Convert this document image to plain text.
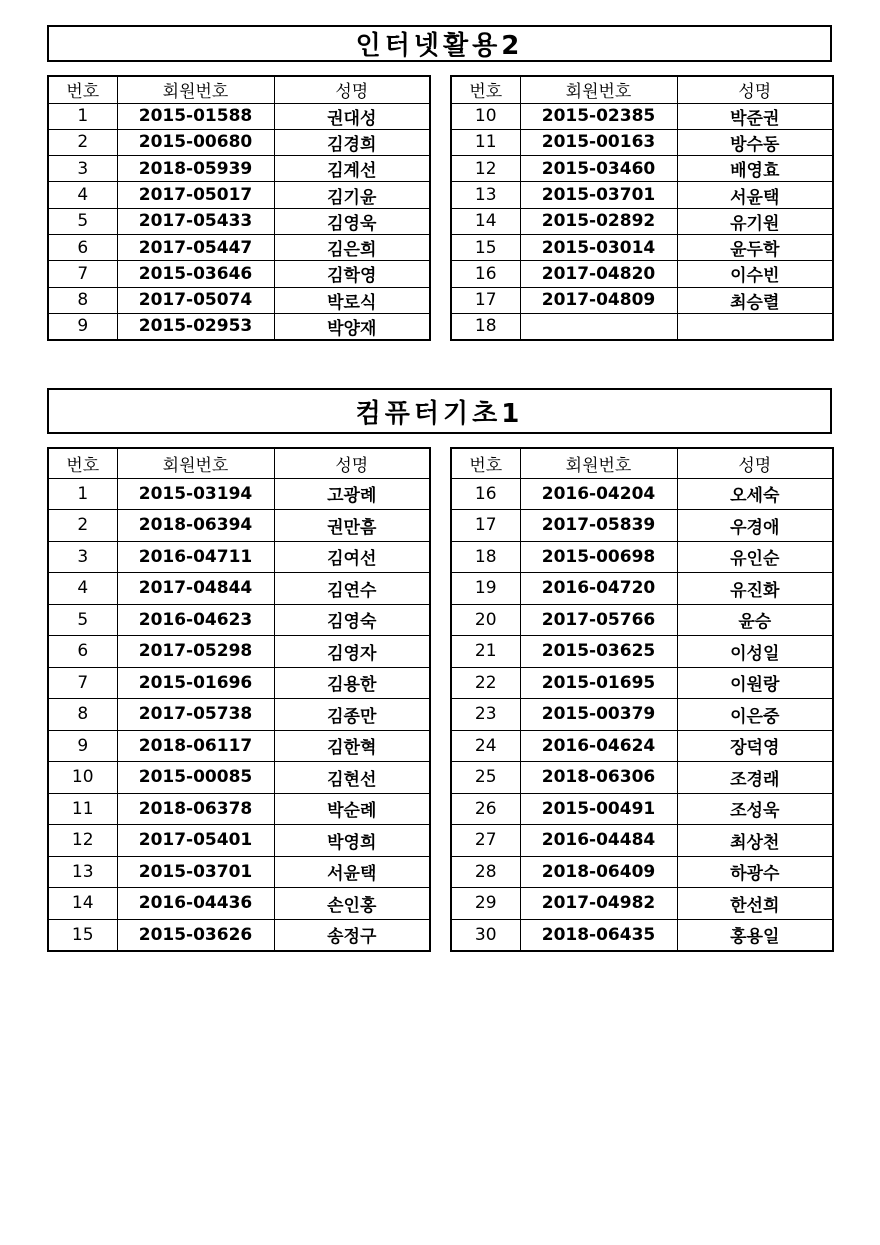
인터넷활용2
번호	회원번호	성명
1	2015-01588	권대성
2	2015-00680	김경희
3	2018-05939	김계선
4	2017-05017	김기윤
5	2017-05433	김영욱
6	2017-05447	김은희
7	2015-03646	김학영
8	2017-05074	박로식
9	2015-02953	박양재
번호	회원번호	성명
10	2015-02385	박준권
11	2015-00163	방수동
12	2015-03460	배영효
13	2015-03701	서윤택
14	2015-02892	유기원
15	2015-03014	윤두학
16	2017-04820	이수빈
17	2017-04809	최승렬
18		
컴퓨터기초1
번호	회원번호	성명
1	2015-03194	고광례
2	2018-06394	권만흠
3	2016-04711	김여선
4	2017-04844	김연수
5	2016-04623	김영숙
6	2017-05298	김영자
7	2015-01696	김용한
8	2017-05738	김종만
9	2018-06117	김한혁
10	2015-00085	김현선
11	2018-06378	박순례
12	2017-05401	박영희
13	2015-03701	서윤택
14	2016-04436	손인홍
15	2015-03626	송정구
번호	회원번호	성명
16	2016-04204	오세숙
17	2017-05839	우경애
18	2015-00698	유인순
19	2016-04720	유진화
20	2017-05766	윤승
21	2015-03625	이성일
22	2015-01695	이원랑
23	2015-00379	이은중
24	2016-04624	장덕영
25	2018-06306	조경래
26	2015-00491	조성욱
27	2016-04484	최상천
28	2018-06409	하광수
29	2017-04982	한선희
30	2018-06435	홍용일
